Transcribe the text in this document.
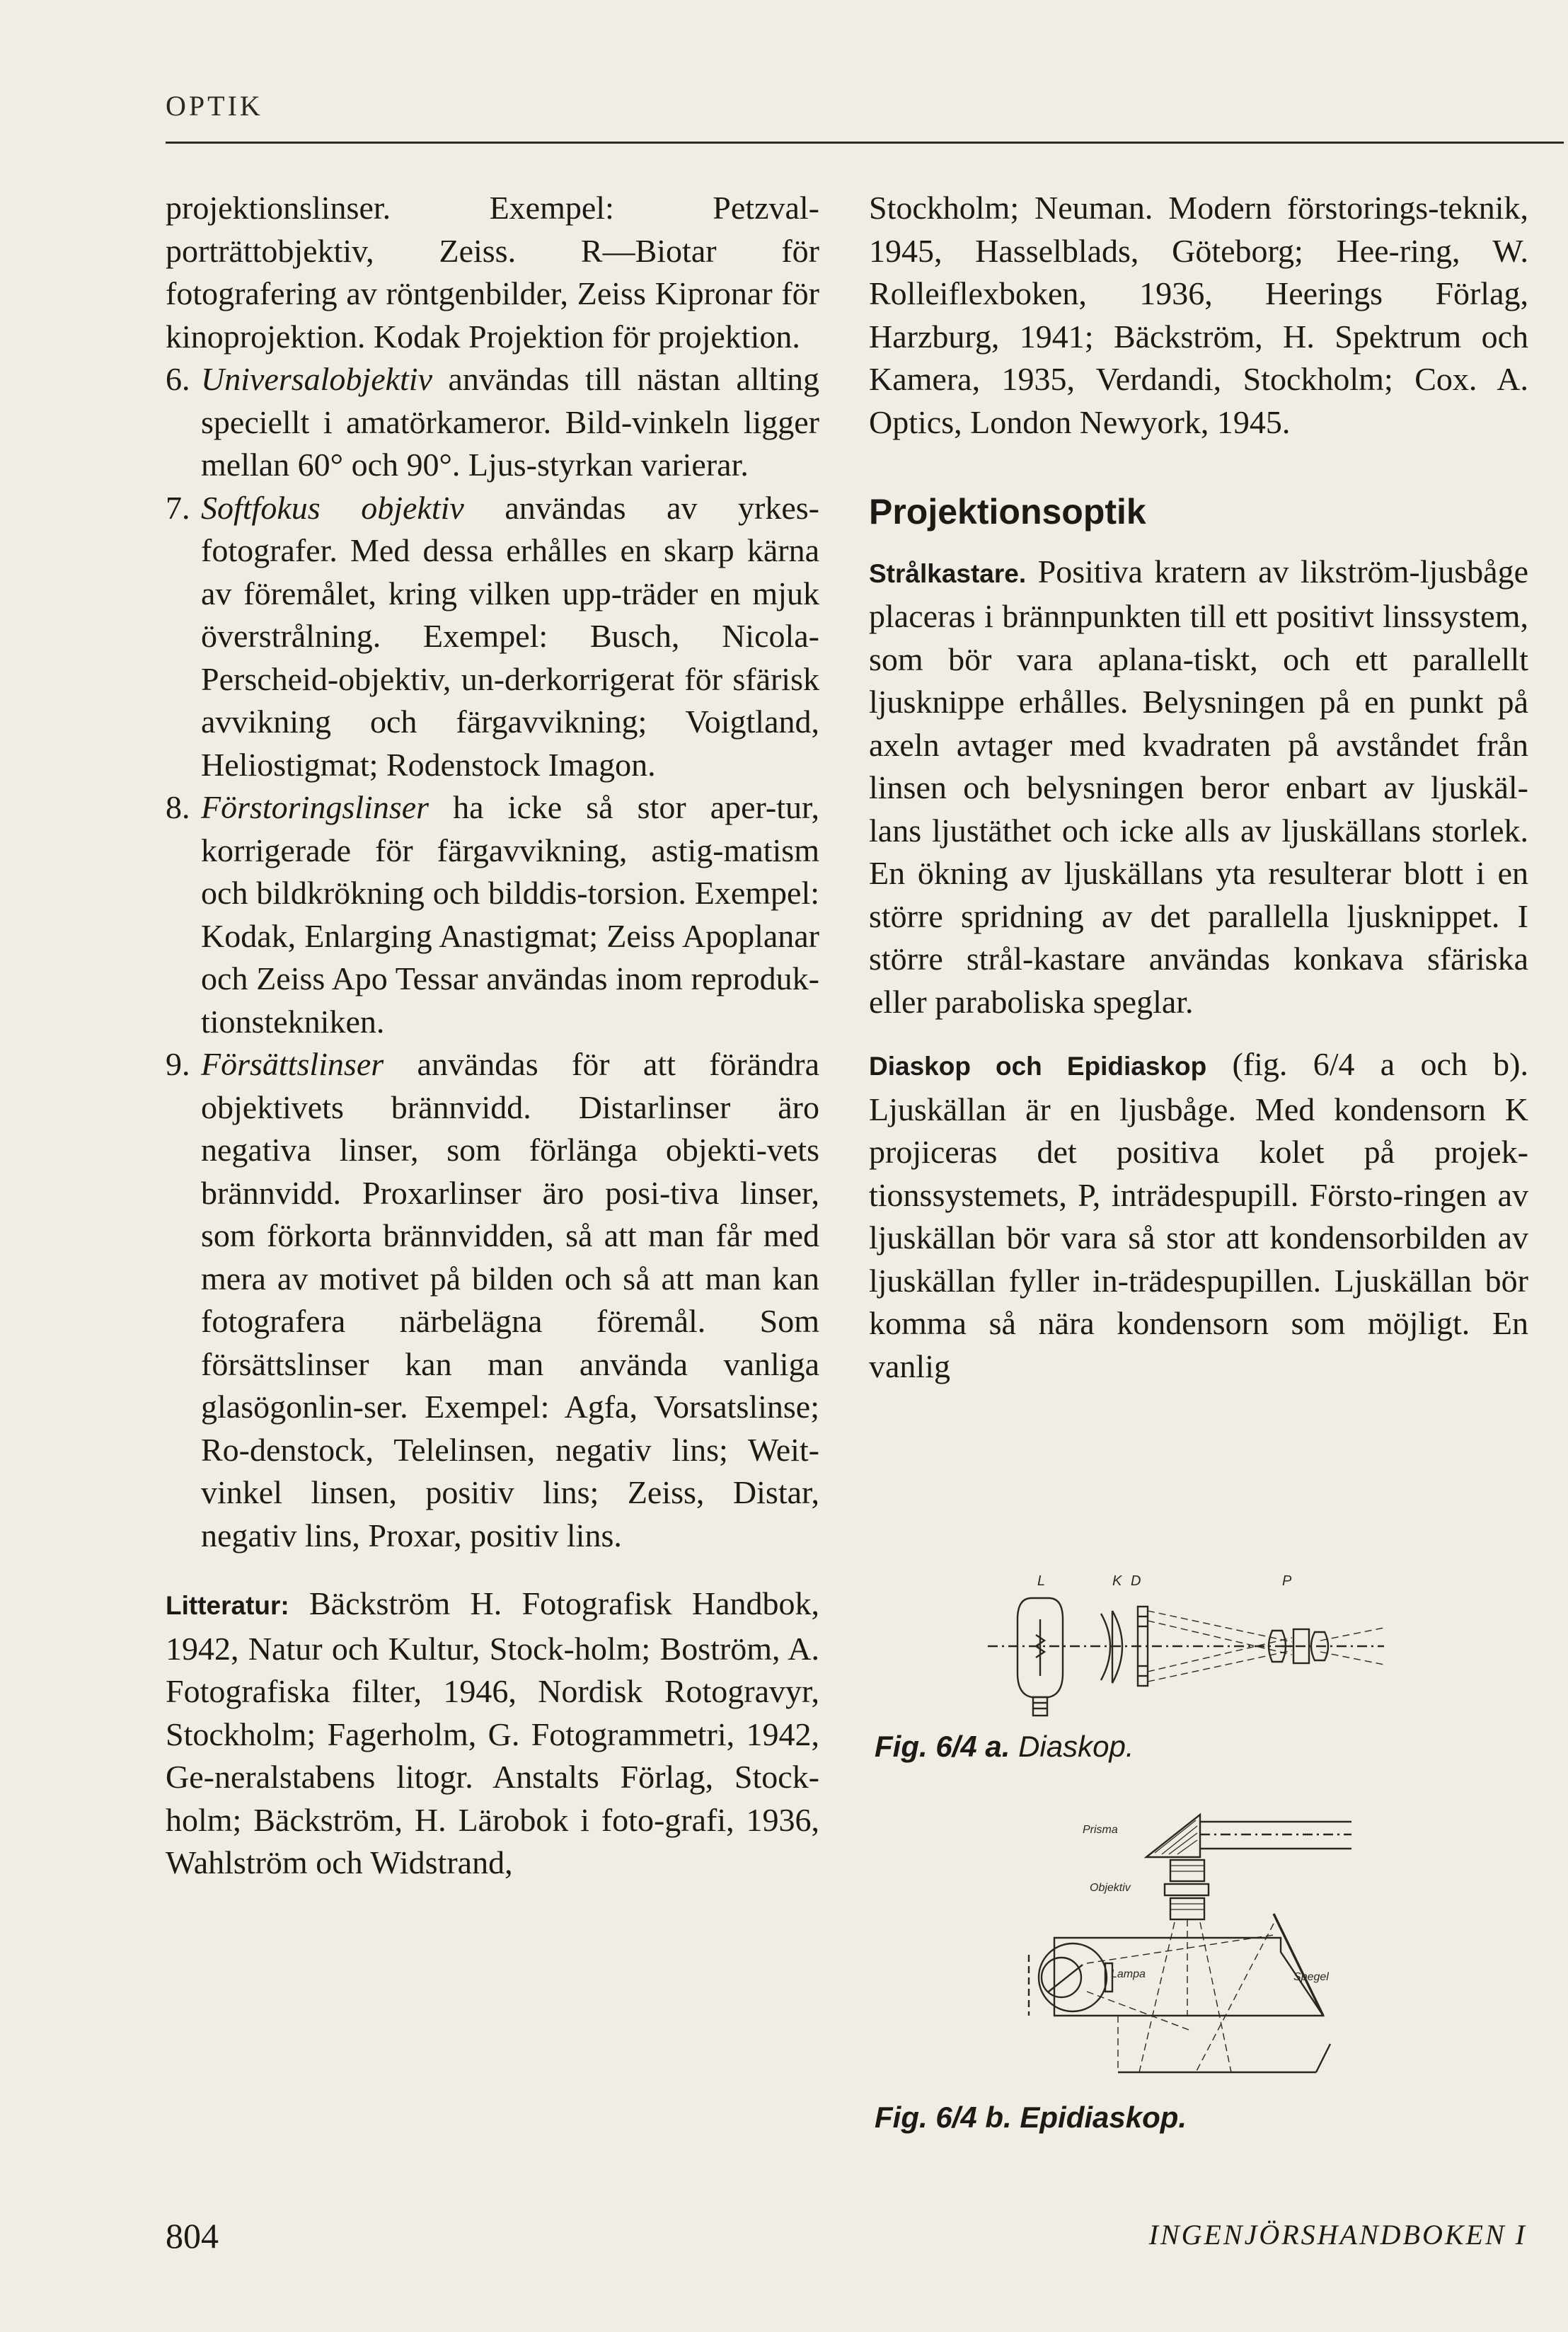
OPTIK

projektionslinser. Exempel: Petzval-porträttobjektiv, Zeiss. R—Biotar för fotografering av röntgenbilder, Zeiss Kipronar för kinoprojektion. Kodak Projektion för projektion.

6. Universalobjektiv användas till nästan allting speciellt i amatörkameror. Bild-vinkeln ligger mellan 60° och 90°. Ljus-styrkan varierar.
7. Softfokus objektiv användas av yrkes-fotografer. Med dessa erhålles en skarp kärna av föremålet, kring vilken upp-träder en mjuk överstrålning. Exempel: Busch, Nicola-Perscheid-objektiv, un-derkorrigerat för sfärisk avvikning och färgavvikning; Voigtland, Heliostigmat; Rodenstock Imagon.
8. Förstoringslinser ha icke så stor aper-tur, korrigerade för färgavvikning, astig-matism och bildkrökning och bilddis-torsion. Exempel: Kodak, Enlarging Anastigmat; Zeiss Apoplanar och Zeiss Apo Tessar användas inom reproduk-tionstekniken.
9. Försättslinser användas för att förändra objektivets brännvidd. Distarlinser äro negativa linser, som förlänga objekti-vets brännvidd. Proxarlinser äro posi-tiva linser, som förkorta brännvidden, så att man får med mera av motivet på bilden och så att man kan fotografera närbelägna föremål. Som försättslinser kan man använda vanliga glasögonlin-ser. Exempel: Agfa, Vorsatslinse; Ro-denstock, Telelinsen, negativ lins; Weit-vinkel linsen, positiv lins; Zeiss, Distar, negativ lins, Proxar, positiv lins.

Litteratur: Bäckström H. Fotografisk Handbok, 1942, Natur och Kultur, Stock-holm; Boström, A. Fotografiska filter, 1946, Nordisk Rotogravyr, Stockholm; Fagerholm, G. Fotogrammetri, 1942, Ge-neralstabens litogr. Anstalts Förlag, Stock-holm; Bäckström, H. Lärobok i foto-grafi, 1936, Wahlström och Widstrand,

Stockholm; Neuman. Modern förstorings-teknik, 1945, Hasselblads, Göteborg; Hee-ring, W. Rolleiflexboken, 1936, Heerings Förlag, Harzburg, 1941; Bäckström, H. Spektrum och Kamera, 1935, Verdandi, Stockholm; Cox. A. Optics, London Newyork, 1945.

Projektionsoptik

Strålkastare. Positiva kratern av likström-ljusbåge placeras i brännpunkten till ett positivt linssystem, som bör vara aplana-tiskt, och ett parallellt ljusknippe erhålles. Belysningen på en punkt på axeln avtager med kvadraten på avståndet från linsen och belysningen beror enbart av ljuskäl-lans ljustäthet och icke alls av ljuskällans storlek. En ökning av ljuskällans yta resulterar blott i en större spridning av det parallella ljusknippet. I större strål-kastare användas konkava sfäriska eller paraboliska speglar.

Diaskop och Epidiaskop (fig. 6/4 a och b). Ljuskällan är en ljusbåge. Med kondensorn K projiceras det positiva kolet på projek-tionssystemets, P, inträdespupill. Försto-ringen av ljuskällan bör vara så stor att kondensorbilden av ljuskällan fyller in-trädespupillen. Ljuskällan bör komma så nära kondensorn som möjligt. En vanlig

L	K D	P
Fig. 6/4 a. Diaskop.
Prisma
Objektiv
Lampa	Spegel
Fig. 6/4 b. Epidiaskop.
804	INGENJÖRSHANDBOKEN I
